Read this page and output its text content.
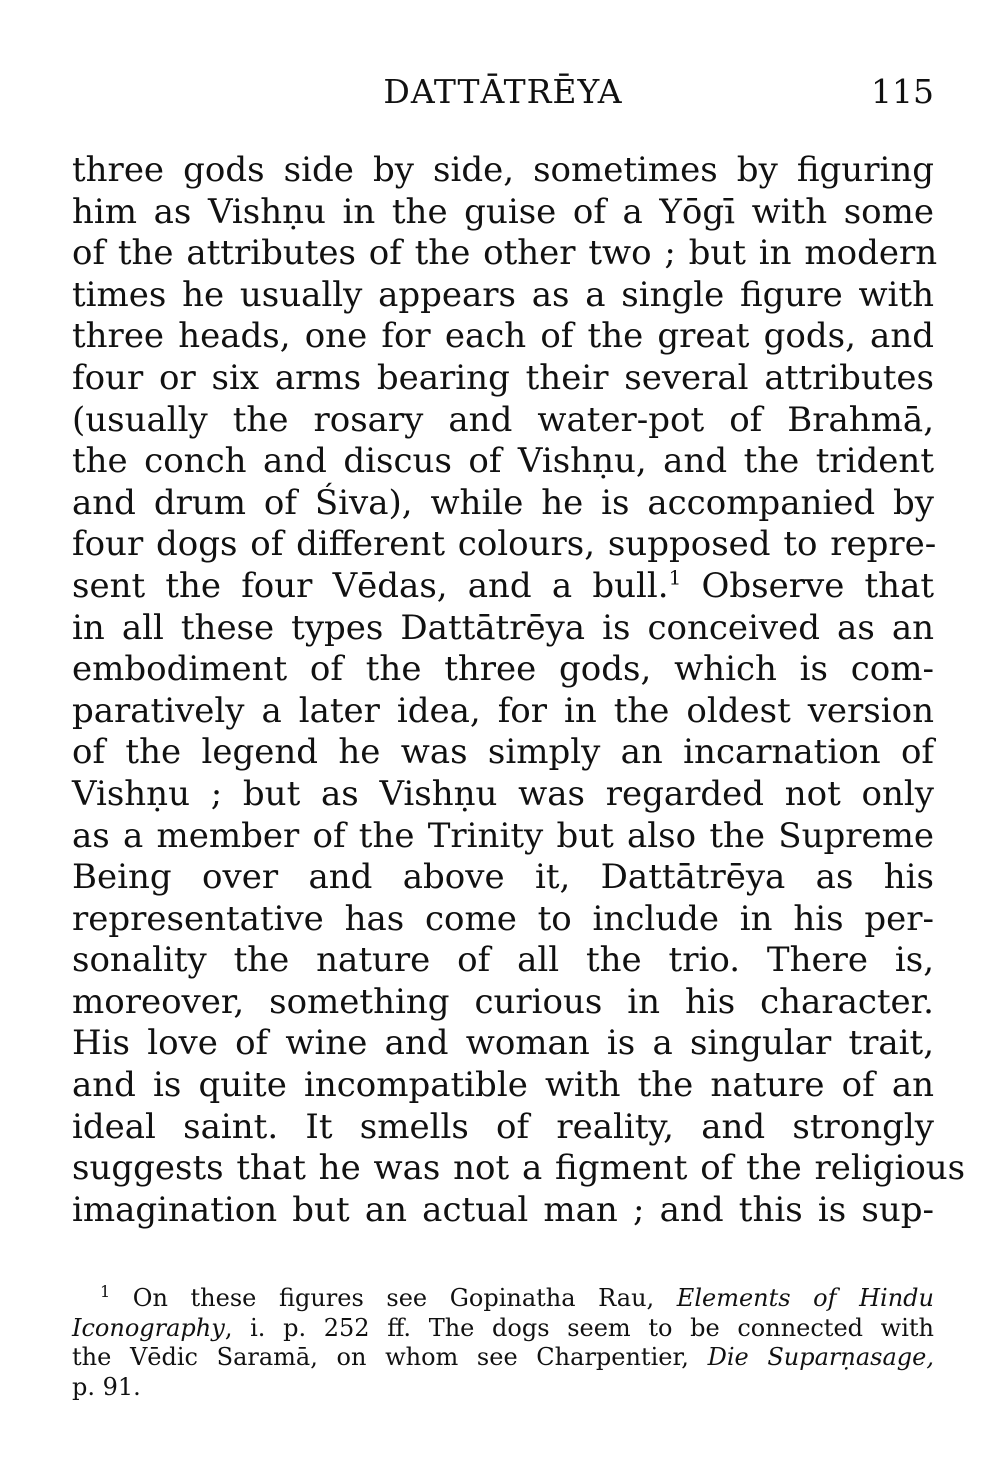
DATTĀTRĒYA	115
three gods side by side, sometimes by figuring
him as Vishṇu in the guise of a Yōgī with some
of the attributes of the other two ; but in modern
times he usually appears as a single figure with
three heads, one for each of the great gods, and
four or six arms bearing their several attributes
(usually the rosary and water-pot of Brahmā,
the conch and discus of Vishṇu, and the trident
and drum of Śiva), while he is accompanied by
four dogs of different colours, supposed to repre-
sent the four Vēdas, and a bull.$^1$ Observe that
in all these types Dattātrēya is conceived as an
embodiment of the three gods, which is com-
paratively a later idea, for in the oldest version
of the legend he was simply an incarnation of
Vishṇu ; but as Vishṇu was regarded not only
as a member of the Trinity but also the Supreme
Being over and above it, Dattātrēya as his
representative has come to include in his per-
sonality the nature of all the trio. There is,
moreover, something curious in his character.
His love of wine and woman is a singular trait,
and is quite incompatible with the nature of an
ideal saint. It smells of reality, and strongly
suggests that he was not a figment of the religious
imagination but an actual man ; and this is sup-
$^1$ On these figures see Gopinatha Rau, Elements of Hindu
Iconography, i. p. 252 ff. The dogs seem to be connected with
the Vēdic Saramā, on whom see Charpentier, Die Suparṇasage,
p. 91.
